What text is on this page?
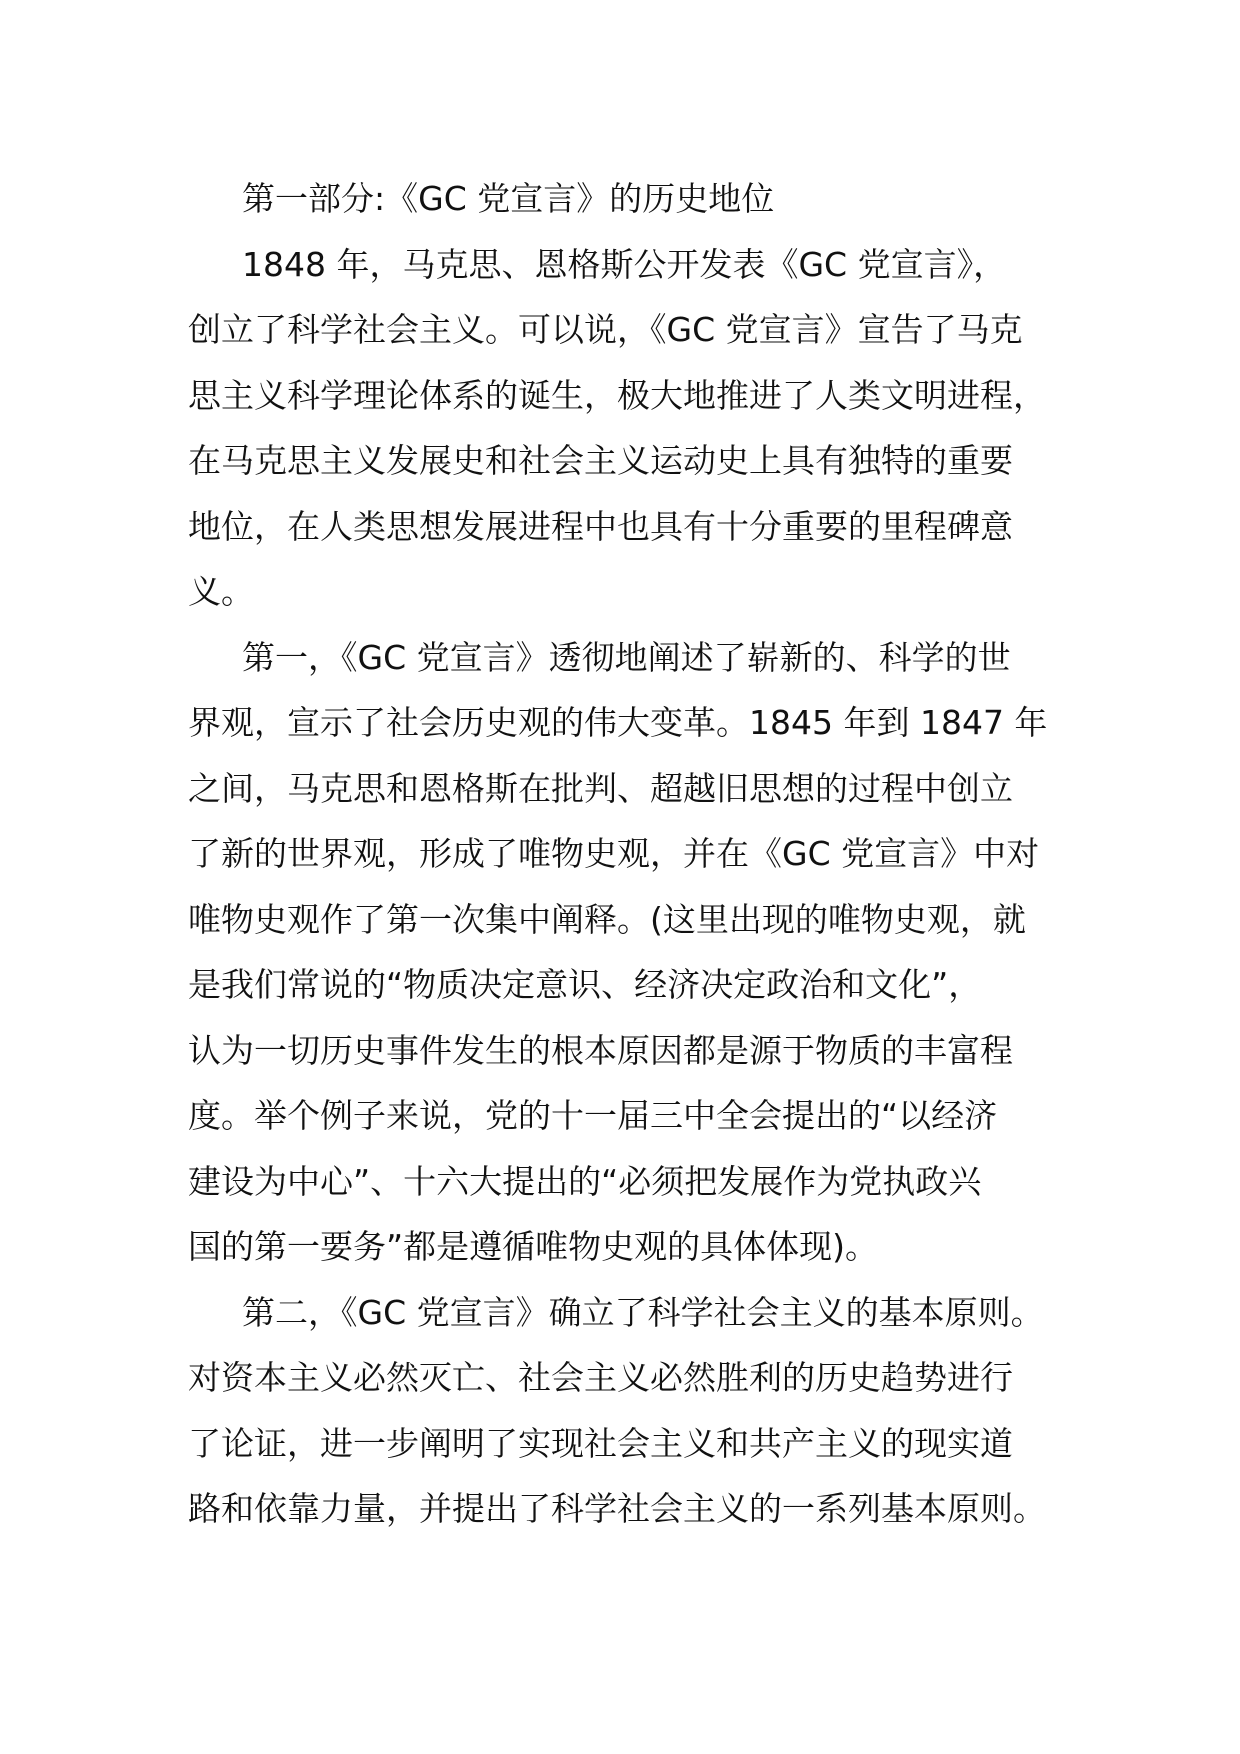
第一部分:《GC 党宣言》的历史地位
1848 年，马克思、恩格斯公开发表《GC 党宣言》，
创立了科学社会主义。可以说，《GC 党宣言》宣告了马克
思主义科学理论体系的诞生，极大地推进了人类文明进程，
在马克思主义发展史和社会主义运动史上具有独特的重要
地位，在人类思想发展进程中也具有十分重要的里程碑意
义。
第一，《GC 党宣言》透彻地阐述了崭新的、科学的世
界观，宣示了社会历史观的伟大变革。1845 年到 1847 年
之间，马克思和恩格斯在批判、超越旧思想的过程中创立
了新的世界观，形成了唯物史观，并在《GC 党宣言》中对
唯物史观作了第一次集中阐释。(这里出现的唯物史观，就
是我们常说的“物质决定意识、经济决定政治和文化”，
认为一切历史事件发生的根本原因都是源于物质的丰富程
度。举个例子来说，党的十一届三中全会提出的“以经济
建设为中心”、十六大提出的“必须把发展作为党执政兴
国的第一要务”都是遵循唯物史观的具体体现)。
第二，《GC 党宣言》确立了科学社会主义的基本原则。
对资本主义必然灭亡、社会主义必然胜利的历史趋势进行
了论证，进一步阐明了实现社会主义和共产主义的现实道
路和依靠力量，并提出了科学社会主义的一系列基本原则。
